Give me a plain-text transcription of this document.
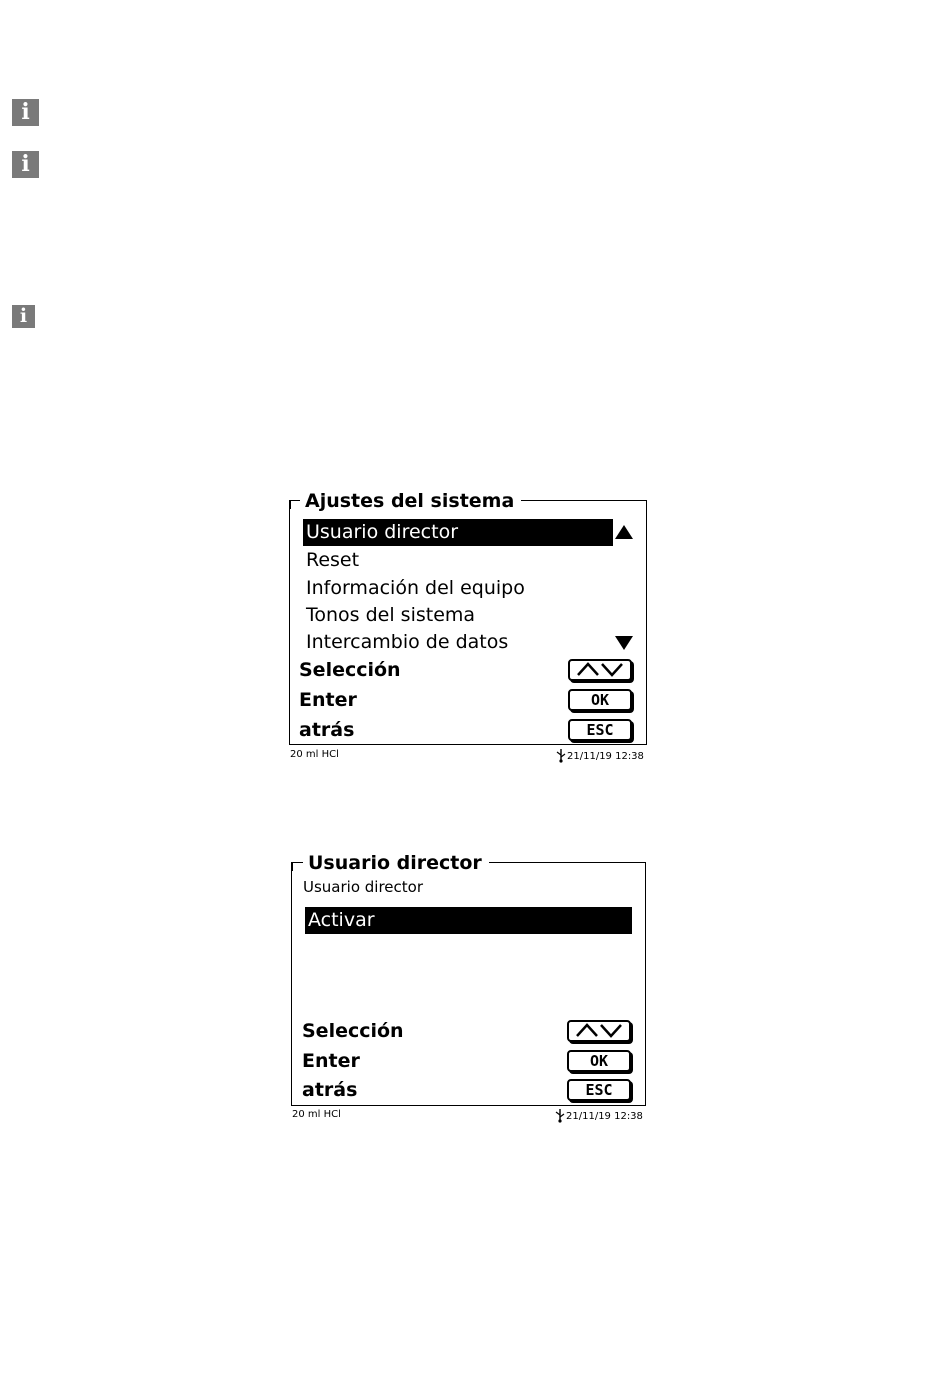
i
i
i
Ajustes del sistema
Usuario director
Reset
Información del equipo
Tonos del sistema
Intercambio de datos
Selección
Enter	OK
atrás	ESC
20 ml HCl	21/11/19 12:38
Usuario director
Usuario director
Activar
Selección
Enter	OK
atrás	ESC
20 ml HCl	21/11/19 12:38
